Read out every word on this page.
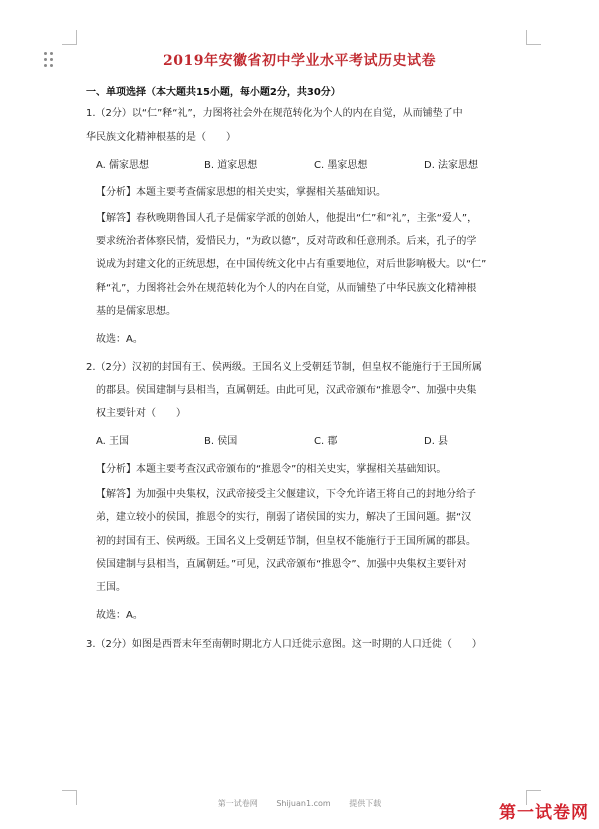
2019年安徽省初中学业水平考试历史试卷
一、单项选择（本大题共15小题，每小题2分，共30分）
1.（2分）以“仁”释“礼”，力图将社会外在规范转化为个人的内在自觉，从而铺垫了中
华民族文化精神根基的是（　　）
A. 儒家思想	B. 道家思想	C. 墨家思想	D. 法家思想
【分析】本题主要考查儒家思想的相关史实，掌握相关基础知识。
【解答】春秋晚期鲁国人孔子是儒家学派的创始人，他提出“仁”和“礼”，主张“爱人”，
要求统治者体察民情，爱惜民力，“为政以德”，反对苛政和任意刑杀。后来，孔子的学
说成为封建文化的正统思想，在中国传统文化中占有重要地位，对后世影响极大。以“仁”
释“礼”，力图将社会外在规范转化为个人的内在自觉，从而铺垫了中华民族文化精神根
基的是儒家思想。
故选：A。
2.（2分）汉初的封国有王、侯两级。王国名义上受朝廷节制，但皇权不能施行于王国所属
的郡县。侯国建制与县相当，直属朝廷。由此可见，汉武帝颁布“推恩令”、加强中央集
权主要针对（　　）
A. 王国	B. 侯国	C. 郡	D. 县
【分析】本题主要考查汉武帝颁布的“推恩令”的相关史实，掌握相关基础知识。
【解答】为加强中央集权，汉武帝接受主父偃建议，下令允许诸王将自己的封地分给子
弟，建立较小的侯国，推恩令的实行，削弱了诸侯国的实力，解决了王国问题。据“汉
初的封国有王、侯两级。王国名义上受朝廷节制，但皇权不能施行于王国所属的郡县。
侯国建制与县相当，直属朝廷。”可见，汉武帝颁布“推恩令”、加强中央集权主要针对
王国。
故选：A。
3.（2分）如图是西晋末年至南朝时期北方人口迁徙示意图。这一时期的人口迁徙（　　）
第一试卷网 Shijuan1.com 提供下载	第一试卷网
